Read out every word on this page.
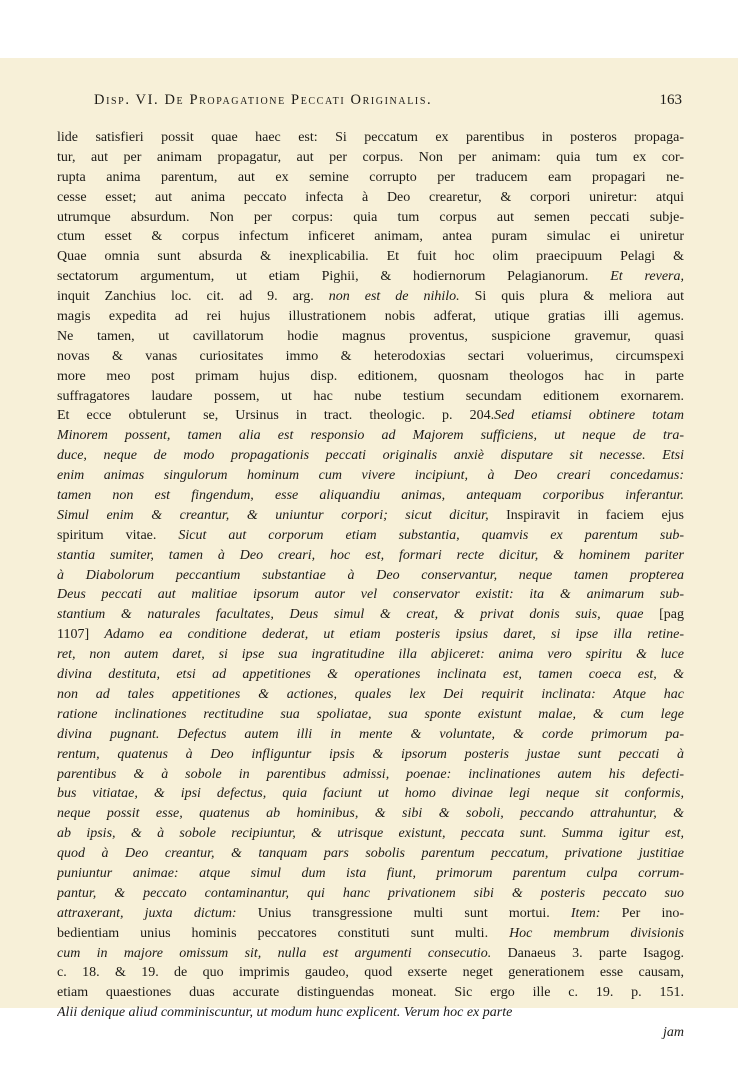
Disp. VI. De Propagatione Peccati Originalis.	163
lide satisfieri possit quae haec est: Si peccatum ex parentibus in posteros propaga-
tur, aut per animam propagatur, aut per corpus. Non per animam: quia tum ex cor-
rupta anima parentum, aut ex semine corrupto per traducem eam propagari ne-
cesse esset; aut anima peccato infecta à Deo crearetur, & corpori uniretur: atqui
utrumque absurdum. Non per corpus: quia tum corpus aut semen peccati subje-
ctum esset & corpus infectum inficeret animam, antea puram simulac ei uniretur
Quae omnia sunt absurda & inexplicabilia. Et fuit hoc olim praecipuum Pelagi &
sectatorum argumentum, ut etiam Pighii, & hodiernorum Pelagianorum. Et revera,
inquit Zanchius loc. cit. ad 9. arg. non est de nihilo. Si quis plura & meliora aut
magis expedita ad rei hujus illustrationem nobis adferat, utique gratias illi agemus.
Ne tamen, ut cavillatorum hodie magnus proventus, suspicione gravemur, quasi
novas & vanas curiositates immo & heterodoxias sectari voluerimus, circumspexi
more meo post primam hujus disp. editionem, quosnam theologos hac in parte
suffragatores laudare possem, ut hac nube testium secundam editionem exornarem.
Et ecce obtulerunt se, Ursinus in tract. theologic. p. 204.Sed etiamsi obtinere totam
Minorem possent, tamen alia est responsio ad Majorem sufficiens, ut neque de tra-
duce, neque de modo propagationis peccati originalis anxiè disputare sit necesse. Etsi
enim animas singulorum hominum cum vivere incipiunt, à Deo creari concedamus:
tamen non est fingendum, esse aliquandiu animas, antequam corporibus inferantur.
Simul enim & creantur, & uniuntur corpori; sicut dicitur, Inspiravit in faciem ejus
spiritum vitae. Sicut aut corporum etiam substantia, quamvis ex parentum sub-
stantia sumiter, tamen à Deo creari, hoc est, formari recte dicitur, & hominem pariter
à Diabolorum peccantium substantiae à Deo conservantur, neque tamen propterea
Deus peccati aut malitiae ipsorum autor vel conservator existit: ita & animarum sub-
stantium & naturales facultates, Deus simul & creat, & privat donis suis, quae [pag
1107] Adamo ea conditione dederat, ut etiam posteris ipsius daret, si ipse illa retine-
ret, non autem daret, si ipse sua ingratitudine illa abjiceret: anima vero spiritu & luce
divina destituta, etsi ad appetitiones & operationes inclinata est, tamen coeca est, &
non ad tales appetitiones & actiones, quales lex Dei requirit inclinata: Atque hac
ratione inclinationes rectitudine sua spoliatae, sua sponte existunt malae, & cum lege
divina pugnant. Defectus autem illi in mente & voluntate, & corde primorum pa-
rentum, quatenus à Deo infliguntur ipsis & ipsorum posteris justae sunt peccati à
parentibus & à sobole in parentibus admissi, poenae: inclinationes autem his defecti-
bus vitiatae, & ipsi defectus, quia faciunt ut homo divinae legi neque sit conformis,
neque possit esse, quatenus ab hominibus, & sibi & soboli, peccando attrahuntur, &
ab ipsis, & à sobole recipiuntur, & utrisque existunt, peccata sunt. Summa igitur est,
quod à Deo creantur, & tanquam pars sobolis parentum peccatum, privatione justitiae
puniuntur animae: atque simul dum ista fiunt, primorum parentum culpa corrum-
pantur, & peccato contaminantur, qui hanc privationem sibi & posteris peccato suo
attraxerant, juxta dictum: Unius transgressione multi sunt mortui. Item: Per ino-
bedientiam unius hominis peccatores constituti sunt multi. Hoc membrum divisionis
cum in majore omissum sit, nulla est argumenti consecutio. Danaeus 3. parte Isagog.
c. 18. & 19. de quo imprimis gaudeo, quod exserte neget generationem esse causam,
etiam quaestiones duas accurate distinguendas moneat. Sic ergo ille c. 19. p. 151.
Alii denique aliud comminiscuntur, ut modum hunc explicent. Verum hoc ex parte
jam
